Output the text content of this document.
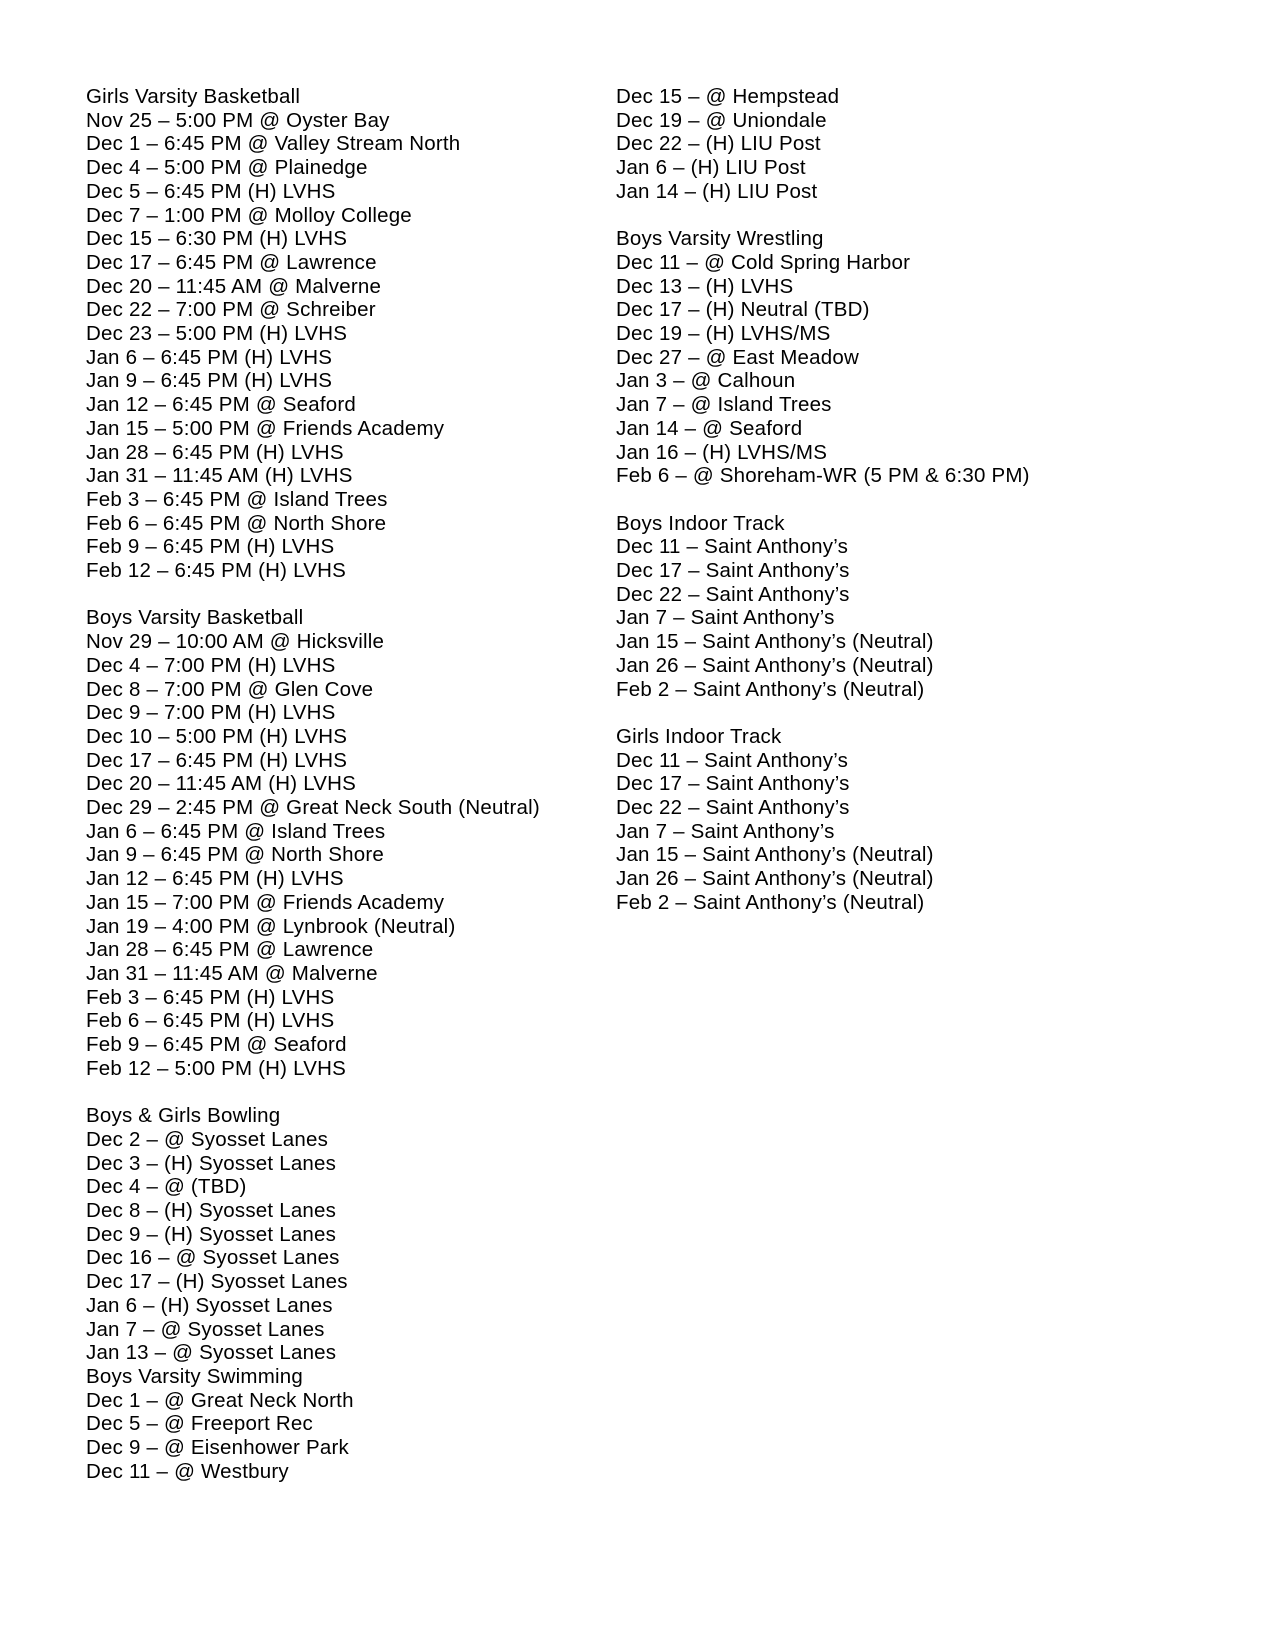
Girls Varsity Basketball
Nov 25 – 5:00 PM @ Oyster Bay
Dec 1 – 6:45 PM @ Valley Stream North
Dec 4 – 5:00 PM @ Plainedge
Dec 5 – 6:45 PM (H) LVHS
Dec 7 – 1:00 PM @ Molloy College
Dec 15 – 6:30 PM (H) LVHS
Dec 17 – 6:45 PM @ Lawrence
Dec 20 – 11:45 AM @ Malverne
Dec 22 – 7:00 PM @ Schreiber
Dec 23 – 5:00 PM (H) LVHS
Jan 6 – 6:45 PM (H) LVHS
Jan 9 – 6:45 PM (H) LVHS
Jan 12 – 6:45 PM @ Seaford
Jan 15 – 5:00 PM @ Friends Academy
Jan 28 – 6:45 PM (H) LVHS
Jan 31 – 11:45 AM (H) LVHS
Feb 3 – 6:45 PM @ Island Trees
Feb 6 – 6:45 PM @ North Shore
Feb 9 – 6:45 PM (H) LVHS
Feb 12 – 6:45 PM (H) LVHS
Boys Varsity Basketball
Nov 29 – 10:00 AM @ Hicksville
Dec 4 – 7:00 PM (H) LVHS
Dec 8 – 7:00 PM @ Glen Cove
Dec 9 – 7:00 PM (H) LVHS
Dec 10 – 5:00 PM (H) LVHS
Dec 17 – 6:45 PM (H) LVHS
Dec 20 – 11:45 AM (H) LVHS
Dec 29 – 2:45 PM @ Great Neck South (Neutral)
Jan 6 – 6:45 PM @ Island Trees
Jan 9 – 6:45 PM @ North Shore
Jan 12 – 6:45 PM (H) LVHS
Jan 15 – 7:00 PM @ Friends Academy
Jan 19 – 4:00 PM @ Lynbrook (Neutral)
Jan 28 – 6:45 PM @ Lawrence
Jan 31 – 11:45 AM @ Malverne
Feb 3 – 6:45 PM (H) LVHS
Feb 6 – 6:45 PM (H) LVHS
Feb 9 – 6:45 PM @ Seaford
Feb 12 – 5:00 PM (H) LVHS
Boys & Girls Bowling
Dec 2 – @ Syosset Lanes
Dec 3 – (H) Syosset Lanes
Dec 4 – @ (TBD)
Dec 8 – (H) Syosset Lanes
Dec 9 – (H) Syosset Lanes
Dec 16 – @ Syosset Lanes
Dec 17 – (H) Syosset Lanes
Jan 6 – (H) Syosset Lanes
Jan 7 – @ Syosset Lanes
Jan 13 – @ Syosset Lanes
Boys Varsity Swimming
Dec 1 – @ Great Neck North
Dec 5 – @ Freeport Rec
Dec 9 – @ Eisenhower Park
Dec 11 – @ Westbury
Dec 15 – @ Hempstead
Dec 19 – @ Uniondale
Dec 22 – (H) LIU Post
Jan 6 – (H) LIU Post
Jan 14 – (H) LIU Post
Boys Varsity Wrestling
Dec 11 – @ Cold Spring Harbor
Dec 13 – (H) LVHS
Dec 17 – (H) Neutral (TBD)
Dec 19 – (H) LVHS/MS
Dec 27 – @ East Meadow
Jan 3 – @ Calhoun
Jan 7 – @ Island Trees
Jan 14 – @ Seaford
Jan 16 – (H) LVHS/MS
Feb 6 – @ Shoreham-WR (5 PM & 6:30 PM)
Boys Indoor Track
Dec 11 – Saint Anthony’s
Dec 17 – Saint Anthony’s
Dec 22 – Saint Anthony’s
Jan 7 – Saint Anthony’s
Jan 15 – Saint Anthony’s (Neutral)
Jan 26 – Saint Anthony’s (Neutral)
Feb 2 – Saint Anthony’s (Neutral)
Girls Indoor Track
Dec 11 – Saint Anthony’s
Dec 17 – Saint Anthony’s
Dec 22 – Saint Anthony’s
Jan 7 – Saint Anthony’s
Jan 15 – Saint Anthony’s (Neutral)
Jan 26 – Saint Anthony’s (Neutral)
Feb 2 – Saint Anthony’s (Neutral)
